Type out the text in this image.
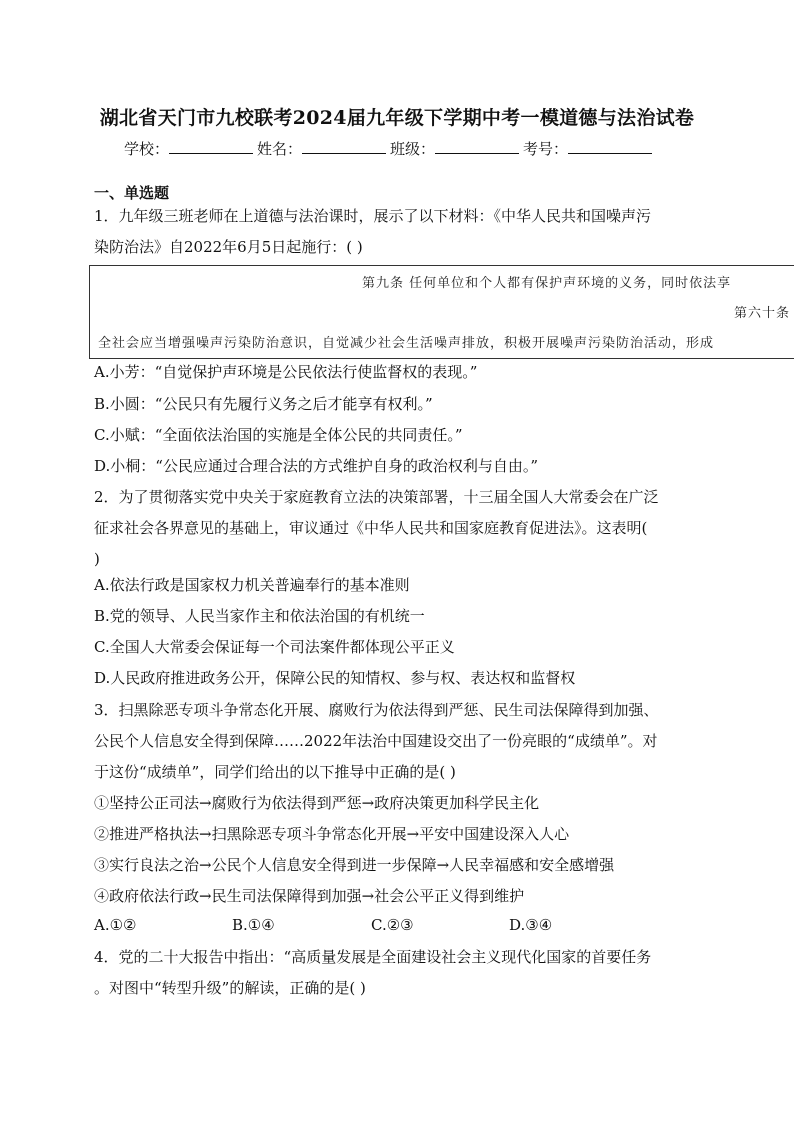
湖北省天门市九校联考2024届九年级下学期中考一模道德与法治试卷
学校：	姓名：	班级：	考号：
一、单选题
1．九年级三班老师在上道德与法治课时，展示了以下材料：《中华人民共和国噪声污
染防治法》自2022年6月5日起施行：( )
第九条 任何单位和个人都有保护声环境的义务，同时依法享
第六十条
全社会应当增强噪声污染防治意识，自觉减少社会生活噪声排放，积极开展噪声污染防治活动，形成
A.小芳：“自觉保护声环境是公民依法行使监督权的表现。”
B.小圆：“公民只有先履行义务之后才能享有权利。”
C.小赋：“全面依法治国的实施是全体公民的共同责任。”
D.小桐：“公民应通过合理合法的方式维护自身的政治权利与自由。”
2．为了贯彻落实党中央关于家庭教育立法的决策部署，十三届全国人大常委会在广泛
征求社会各界意见的基础上，审议通过《中华人民共和国家庭教育促进法》。这表明(
)
A.依法行政是国家权力机关普遍奉行的基本准则
B.党的领导、人民当家作主和依法治国的有机统一
C.全国人大常委会保证每一个司法案件都体现公平正义
D.人民政府推进政务公开，保障公民的知情权、参与权、表达权和监督权
3．扫黑除恶专项斗争常态化开展、腐败行为依法得到严惩、民生司法保障得到加强、
公民个人信息安全得到保障……2022年法治中国建设交出了一份亮眼的“成绩单”。对
于这份“成绩单”，同学们给出的以下推导中正确的是( )
①坚持公正司法→腐败行为依法得到严惩→政府决策更加科学民主化
②推进严格执法→扫黑除恶专项斗争常态化开展→平安中国建设深入人心
③实行良法之治→公民个人信息安全得到进一步保障→人民幸福感和安全感增强
④政府依法行政→民生司法保障得到加强→社会公平正义得到维护
A.①②	B.①④	C.②③	D.③④
4．党的二十大报告中指出：“高质量发展是全面建设社会主义现代化国家的首要任务
。对图中“转型升级”的解读，正确的是( )
